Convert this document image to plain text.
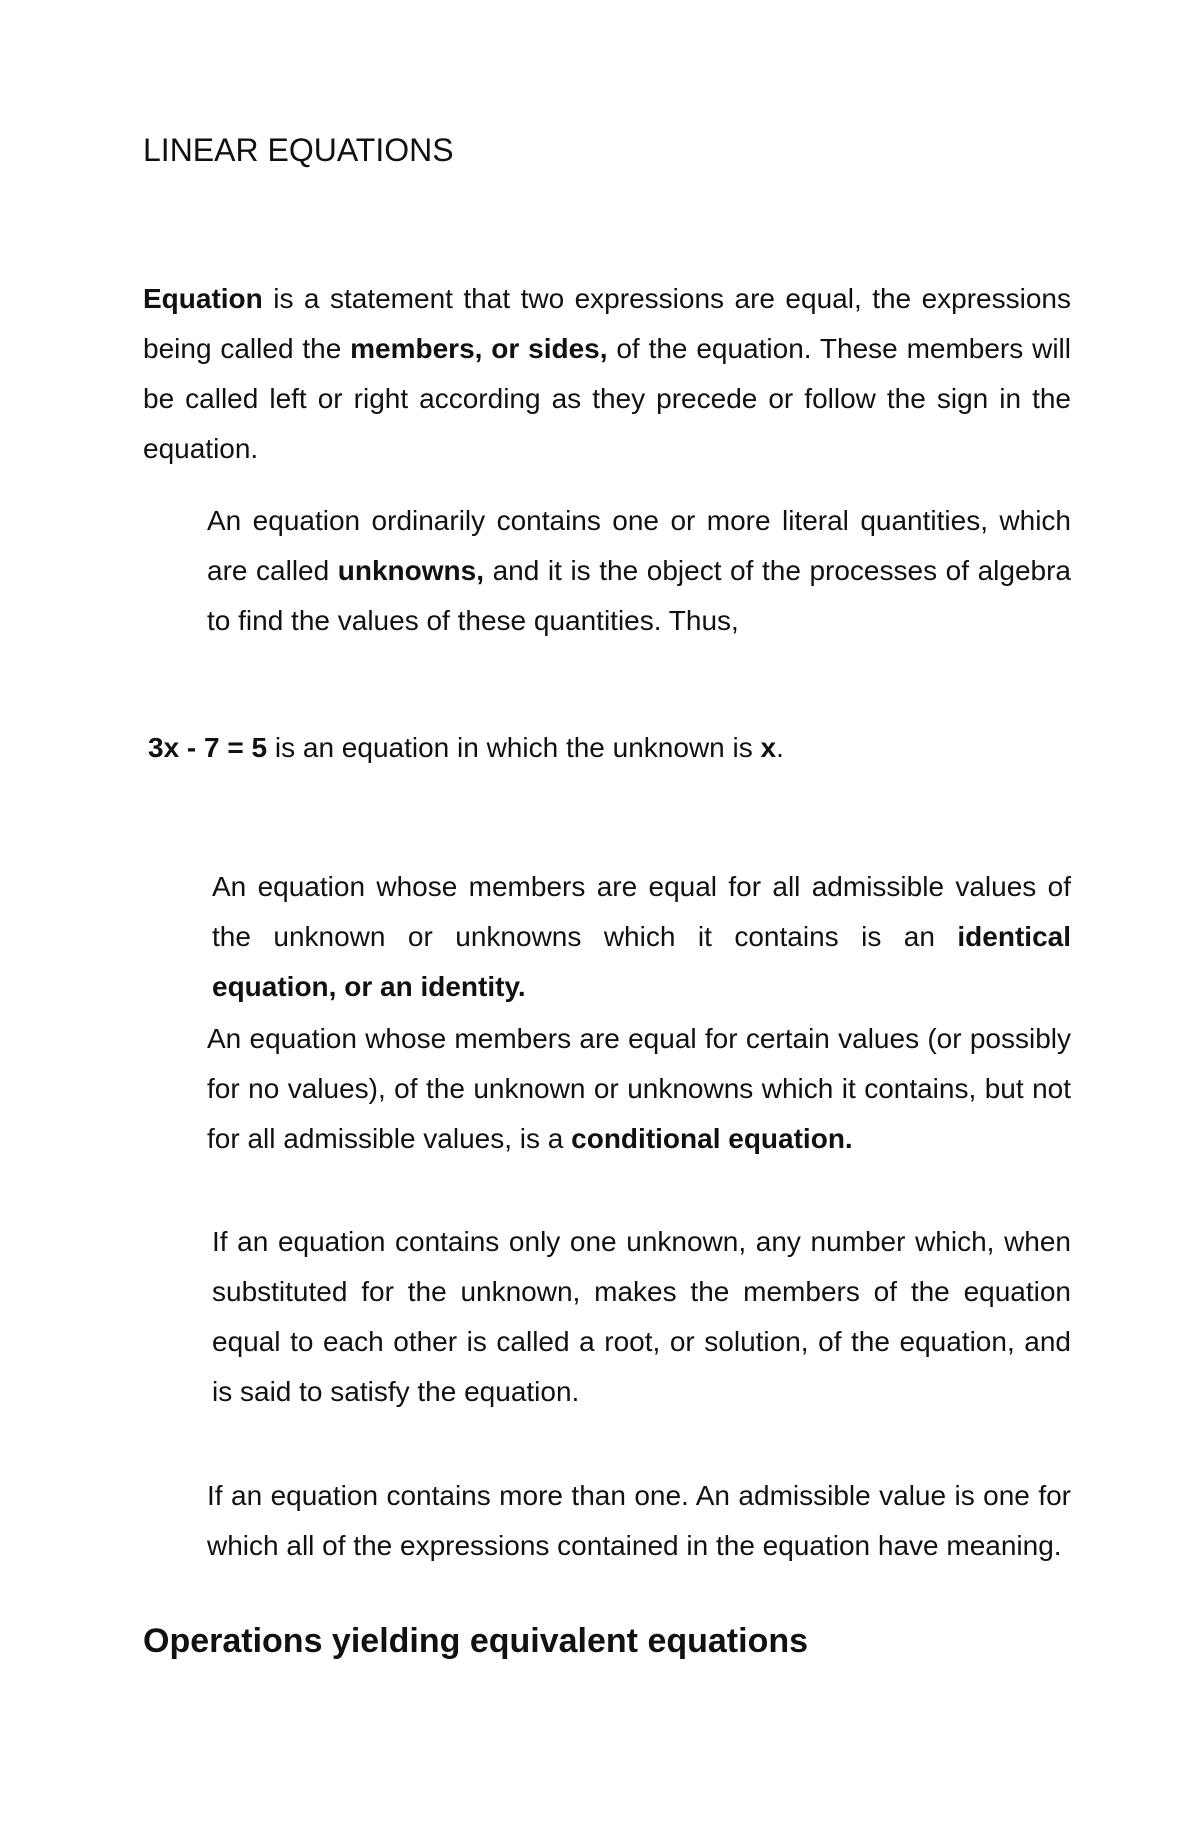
LINEAR EQUATIONS

Equation is a statement that two expressions are equal, the expressions being called the members, or sides, of the equation. These members will be called left or right according as they precede or follow the sign in the equation.

An equation ordinarily contains one or more literal quantities, which are called unknowns, and it is the object of the processes of algebra to find the values of these quantities. Thus,

3x - 7 = 5 is an equation in which the unknown is x.

An equation whose members are equal for all admissible values of the unknown or unknowns which it contains is an identical equation, or an identity.

An equation whose members are equal for certain values (or possibly for no values), of the unknown or unknowns which it contains, but not for all admissible values, is a conditional equation.

If an equation contains only one unknown, any number which, when substituted for the unknown, makes the members of the equation equal to each other is called a root, or solution, of the equation, and is said to satisfy the equation.

If an equation contains more than one. An admissible value is one for which all of the expressions contained in the equation have meaning.

Operations yielding equivalent equations
